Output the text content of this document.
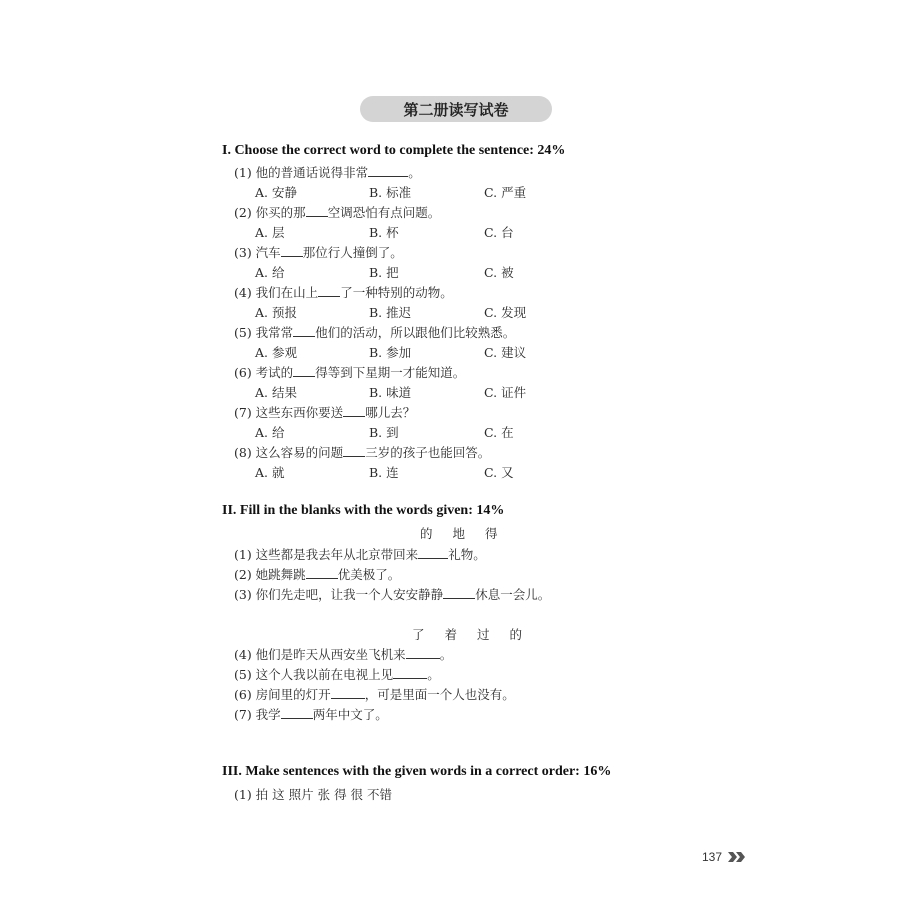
第二册读写试卷
I. Choose the correct word to complete the sentence: 24%
(1) 他的普通话说得非常	。
A. 安静	B. 标准	C. 严重
(2) 你买的那 空调恐怕有点问题。
A. 层	B. 杯	C. 台
(3) 汽车 那位行人撞倒了。
A. 给	B. 把	C. 被
(4) 我们在山上 了一种特别的动物。
A. 预报	B. 推迟	C. 发现
(5) 我常常 他们的活动，所以跟他们比较熟悉。
A. 参观	B. 参加	C. 建议
(6) 考试的 得等到下星期一才能知道。
A. 结果	B. 味道	C. 证件
(7) 这些东西你要送 哪儿去？
A. 给	B. 到	C. 在
(8) 这么容易的问题 三岁的孩子也能回答。
A. 就	B. 连	C. 又
II. Fill in the blanks with the words given: 14%
的 地 得
(1) 这些都是我去年从北京带回来 礼物。
(2) 她跳舞跳	优美极了。
(3) 你们先走吧，让我一个人安安静静	休息一会儿。
了 着 过 的
(4) 他们是昨天从西安坐飞机来	。
(5) 这个人我以前在电视上见	。
(6) 房间里的灯开	，可是里面一个人也没有。
(7) 我学	两年中文了。
III. Make sentences with the given words in a correct order: 16%
(1) 拍 这 照片 张 得 很 不错
137
